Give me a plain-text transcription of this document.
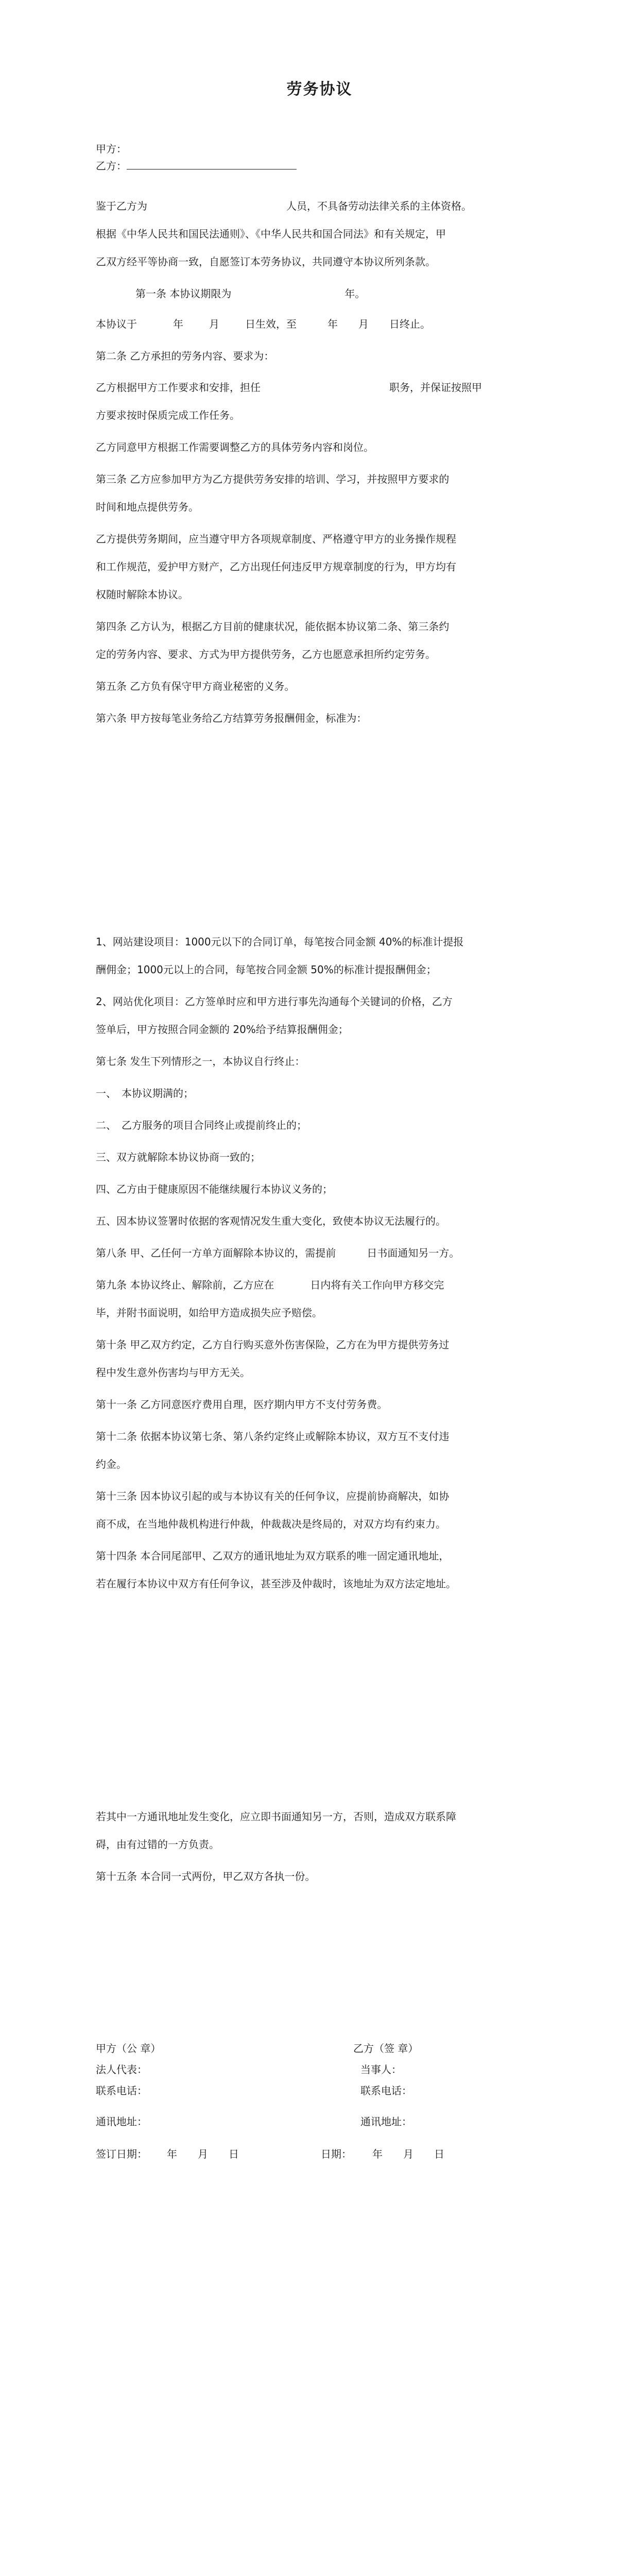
劳务协议
甲方：
乙方：
鉴于乙方为	人员，不具备劳动法律关系的主体资格。
根据《中华人民共和国民法通则》、《中华人民共和国合同法》和有关规定，甲
乙双方经平等协商一致，自愿签订本劳务协议，共同遵守本协议所列条款。
第一条 本协议期限为	年。
本协议于	年	月	日生效，至	年 月 日终止。
第二条 乙方承担的劳务内容、要求为：
乙方根据甲方工作要求和安排，担任	职务，并保证按照甲
方要求按时保质完成工作任务。
乙方同意甲方根据工作需要调整乙方的具体劳务内容和岗位。
第三条 乙方应参加甲方为乙方提供劳务安排的培训、学习，并按照甲方要求的
时间和地点提供劳务。
乙方提供劳务期间，应当遵守甲方各项规章制度、严格遵守甲方的业务操作规程
和工作规范，爱护甲方财产，乙方出现任何违反甲方规章制度的行为，甲方均有
权随时解除本协议。
第四条 乙方认为，根据乙方目前的健康状况，能依据本协议第二条、第三条约
定的劳务内容、要求、方式为甲方提供劳务，乙方也愿意承担所约定劳务。
第五条 乙方负有保守甲方商业秘密的义务。
第六条 甲方按每笔业务给乙方结算劳务报酬佣金，标准为：
1、网站建设项目：1000元以下的合同订单，每笔按合同金额 40%的标准计提报
酬佣金；1000元以上的合同，每笔按合同金额 50%的标准计提报酬佣金；
2、网站优化项目：乙方签单时应和甲方进行事先沟通每个关键词的价格，乙方
签单后，甲方按照合同金额的 20%给予结算报酬佣金；
第七条 发生下列情形之一，本协议自行终止：
一、　本协议期满的；
二、　乙方服务的项目合同终止或提前终止的；
三、双方就解除本协议协商一致的；
四、乙方由于健康原因不能继续履行本协议义务的；
五、因本协议签署时依据的客观情况发生重大变化，致使本协议无法履行的。
第八条 甲、乙任何一方单方面解除本协议的，需提前	日书面通知另一方。
第九条 本协议终止、解除前，乙方应在	日内将有关工作向甲方移交完
毕，并附书面说明，如给甲方造成损失应予赔偿。
第十条 甲乙双方约定，乙方自行购买意外伤害保险，乙方在为甲方提供劳务过
程中发生意外伤害均与甲方无关。
第十一条 乙方同意医疗费用自理，医疗期内甲方不支付劳务费。
第十二条 依据本协议第七条、第八条约定终止或解除本协议，双方互不支付违
约金。
第十三条 因本协议引起的或与本协议有关的任何争议，应提前协商解决，如协
商不成，在当地仲裁机构进行仲裁，仲裁裁决是终局的，对双方均有约束力。
第十四条 本合同尾部甲、乙双方的通讯地址为双方联系的唯一固定通讯地址，
若在履行本协议中双方有任何争议，甚至涉及仲裁时，该地址为双方法定地址。
若其中一方通讯地址发生变化，应立即书面通知另一方，否则，造成双方联系障
碍，由有过错的一方负责。
第十五条 本合同一式两份，甲乙双方各执一份。
甲方（公 章）	乙方（签 章）
法人代表：	当事人：
联系电话：	联系电话：
通讯地址：	通讯地址：
签订日期： 年 月 日	日期： 年 月 日
